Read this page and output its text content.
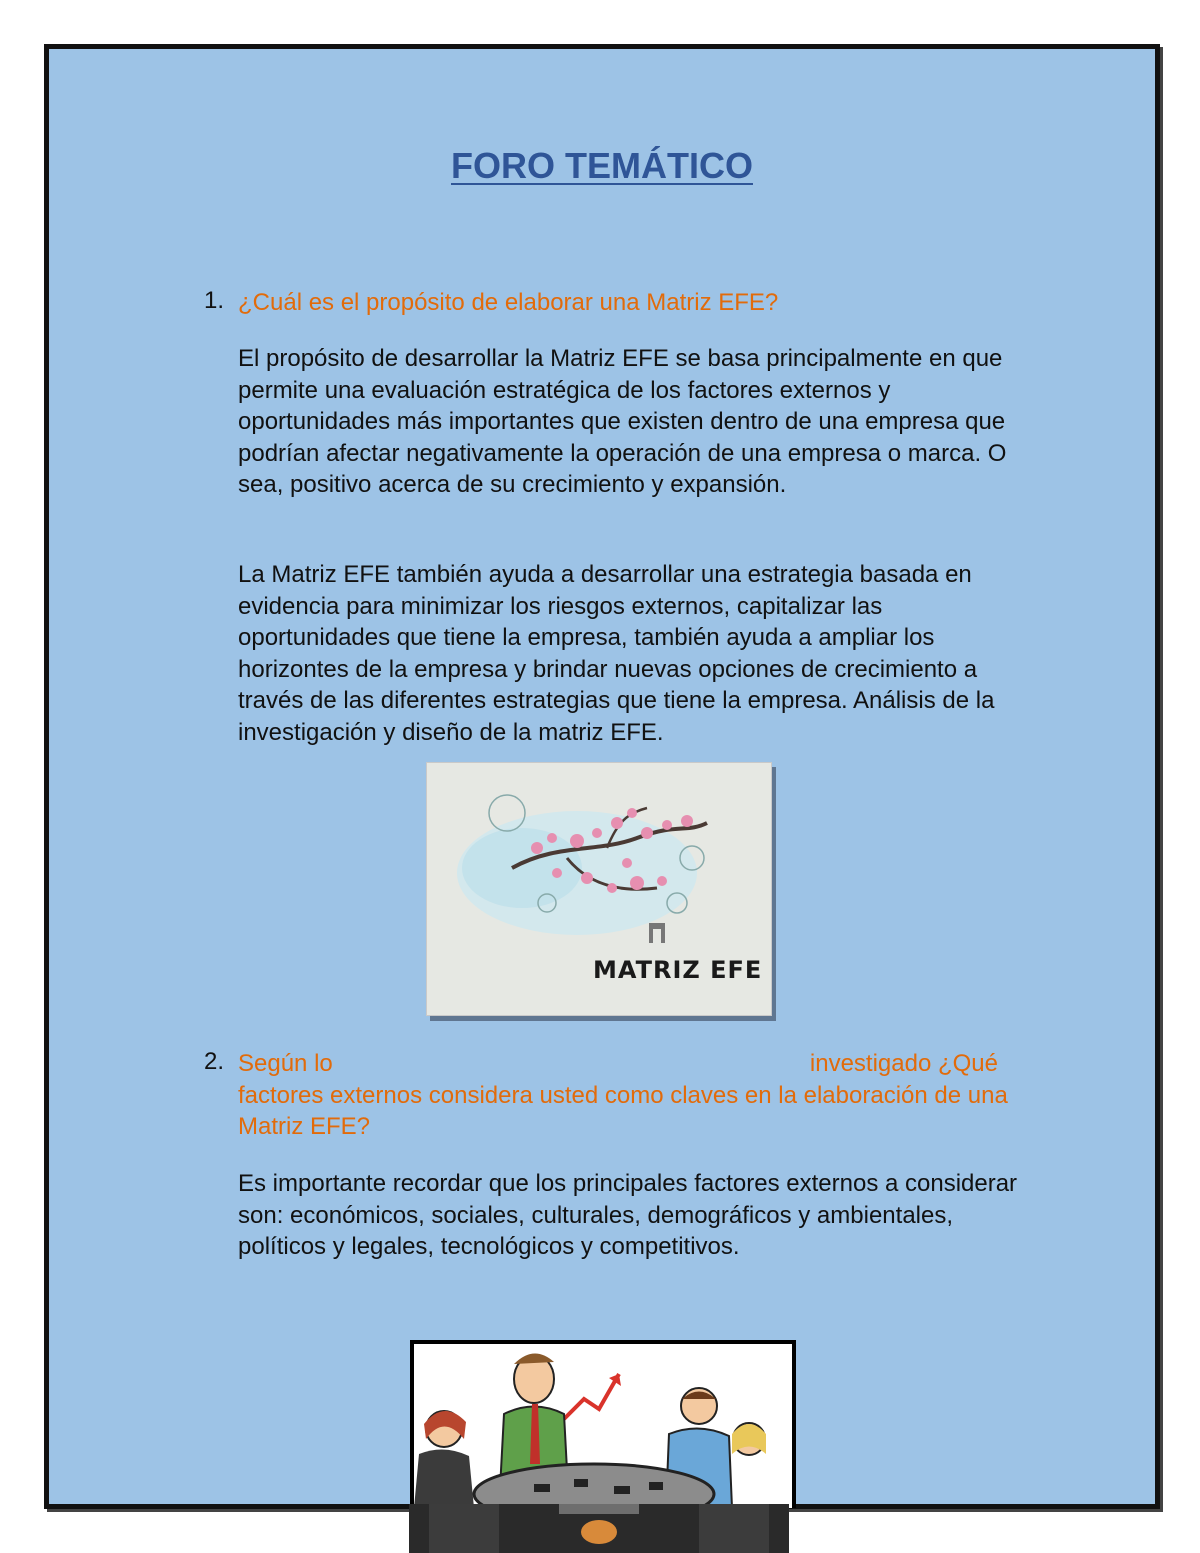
FORO TEMÁTICO
1. ¿Cuál es el propósito de elaborar una Matriz EFE?

El propósito de desarrollar la Matriz EFE se basa principalmente en que permite una evaluación estratégica de los factores externos y oportunidades más importantes que existen dentro de una empresa que podrían afectar negativamente la operación de una empresa o marca. O sea, positivo acerca de su crecimiento y expansión.

La Matriz EFE también ayuda a desarrollar una estrategia basada en evidencia para minimizar los riesgos externos, capitalizar las oportunidades que tiene la empresa, también ayuda a ampliar los horizontes de la empresa y brindar nuevas opciones de crecimiento a través de las diferentes estrategias que tiene la empresa. Análisis de la investigación y diseño de la matriz EFE.

MATRIZ EFE
2. Según lo	investigado ¿Qué
factores externos considera usted como claves en la elaboración de una Matriz EFE?

Es importante recordar que los principales factores externos a considerar son: económicos, sociales, culturales, demográficos y ambientales, políticos y legales, tecnológicos y competitivos.
